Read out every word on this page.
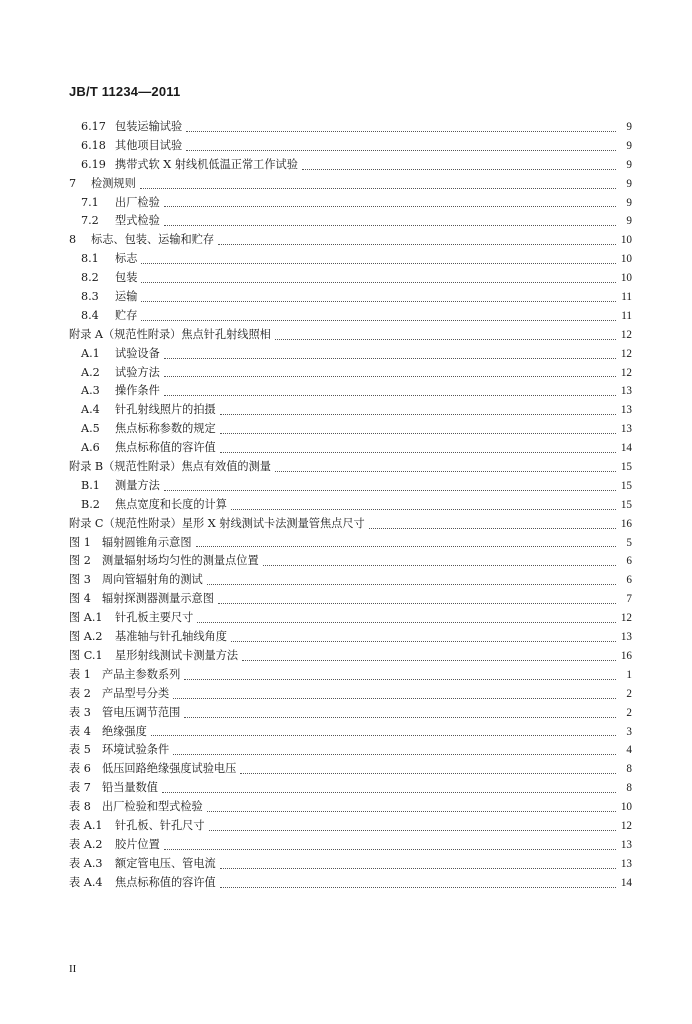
JB/T 11234—2011
6.17 包装运输试验	9
6.18 其他项目试验	9
6.19 携带式软 X 射线机低温正常工作试验	9
7	检测规则	9
7.1	出厂检验	9
7.2	型式检验	9
8	标志、包装、运输和贮存	10
8.1	标志	10
8.2	包装	10
8.3	运输	11
8.4	贮存	11
附录 A （规范性附录）焦点针孔射线照相	12
A.1	试验设备	12
A.2	试验方法	12
A.3	操作条件	13
A.4	针孔射线照片的拍摄	13
A.5	焦点标称参数的规定	13
A.6	焦点标称值的容许值	14
附录 B （规范性附录）焦点有效值的测量	15
B.1	测量方法	15
B.2	焦点宽度和长度的计算	15
附录 C （规范性附录）星形 X 射线测试卡法测量管焦点尺寸	16
图 1 辐射圆锥角示意图	5
图 2 测量辐射场均匀性的测量点位置	6
图 3 周向管辐射角的测试	6
图 4 辐射探测器测量示意图	7
图 A.1	针孔板主要尺寸	12
图 A.2	基准轴与针孔轴线角度	13
图 C.1	星形射线测试卡测量方法	16
表 1 产品主参数系列	1
表 2 产品型号分类	2
表 3 管电压调节范围	2
表 4 绝缘强度	3
表 5 环境试验条件	4
表 6 低压回路绝缘强度试验电压	8
表 7 铅当量数值	8
表 8 出厂检验和型式检验	10
表 A.1	针孔板、针孔尺寸	12
表 A.2	胶片位置	13
表 A.3	额定管电压、管电流	13
表 A.4	焦点标称值的容许值	14
II
